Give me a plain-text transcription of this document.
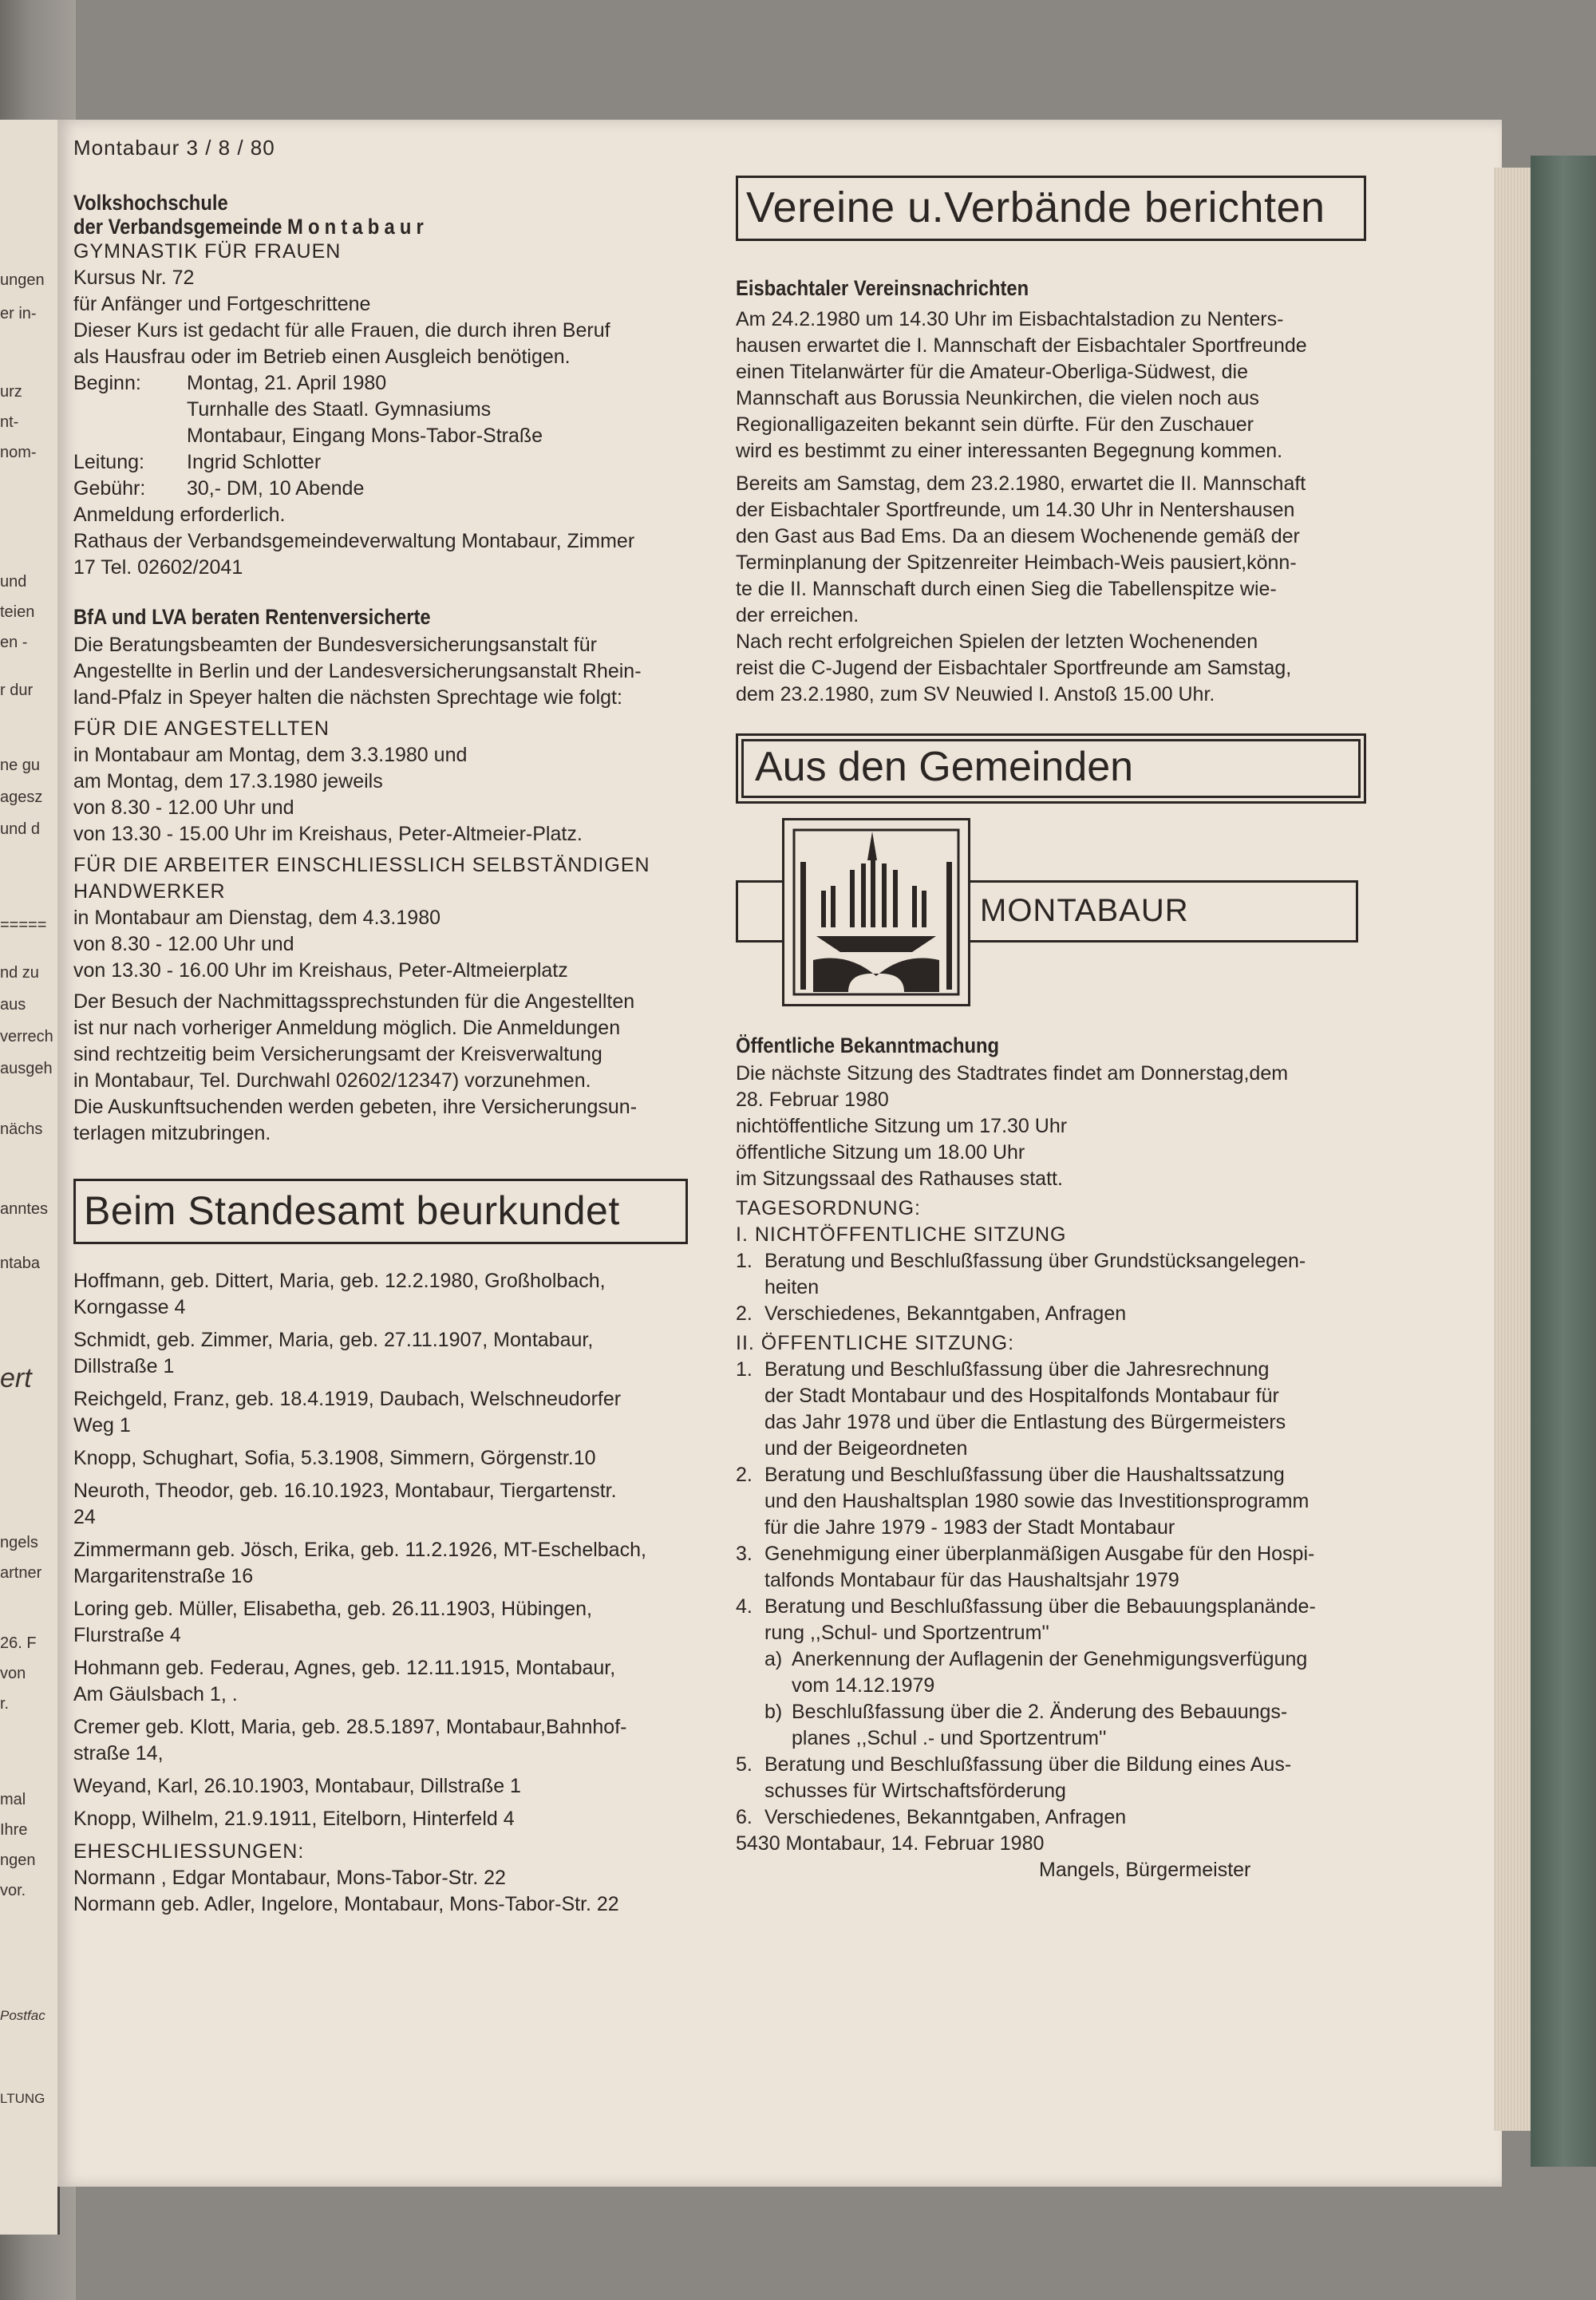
ungen
er in-
urz
nt-
nom-
und
teien
en -
r dur
ne gu
agesz
und d
=====
nd zu
aus
verrech
ausgeh
nächs
anntes
ntaba
ert
ngels
artner
26. F
von
r.
mal
Ihre
ngen
vor.
Postfac
LTUNG
Montabaur 3 / 8 / 80
Volkshochschule
der Verbandsgemeinde Montabaur

GYMNASTIK FÜR FRAUEN

Kursus Nr. 72

für Anfänger und Fortgeschrittene

Dieser Kurs ist gedacht für alle Frauen, die durch ihren Beruf

als Hausfrau oder im Betrieb einen Ausgleich benötigen.

Beginn:	Montag, 21. April 1980
Turnhalle des Staatl. Gymnasiums
Montabaur, Eingang Mons-Tabor-Straße
Leitung:	Ingrid Schlotter
Gebühr:	30,- DM, 10 Abende

Anmeldung erforderlich.

Rathaus der Verbandsgemeindeverwaltung Montabaur, Zimmer

17 Tel. 02602/2041

BfA und LVA beraten Rentenversicherte

Die Beratungsbeamten der Bundesversicherungsanstalt für

Angestellte in Berlin und der Landesversicherungsanstalt Rhein-

land-Pfalz in Speyer halten die nächsten Sprechtage wie folgt:

FÜR DIE ANGESTELLTEN

in Montabaur am Montag, dem 3.3.1980 und

am Montag, dem 17.3.1980 jeweils

von 8.30 - 12.00 Uhr und

von 13.30 - 15.00 Uhr im Kreishaus, Peter-Altmeier-Platz.

FÜR DIE ARBEITER EINSCHLIESSLICH SELBSTÄNDIGEN

HANDWERKER

in Montabaur am Dienstag, dem 4.3.1980

von 8.30 - 12.00 Uhr und

von 13.30 - 16.00 Uhr im Kreishaus, Peter-Altmeierplatz

Der Besuch der Nachmittagssprechstunden für die Angestellten

ist nur nach vorheriger Anmeldung möglich. Die Anmeldungen

sind rechtzeitig beim Versicherungsamt der Kreisverwaltung

in Montabaur, Tel. Durchwahl 02602/12347) vorzunehmen.

Die Auskunftsuchenden werden gebeten, ihre Versicherungsun-

terlagen mitzubringen.

Beim Standesamt beurkundet
Hoffmann, geb. Dittert, Maria, geb. 12.2.1980, Großholbach,
Korngasse 4
Schmidt, geb. Zimmer, Maria, geb. 27.11.1907, Montabaur,
Dillstraße 1
Reichgeld, Franz, geb. 18.4.1919, Daubach, Welschneudorfer
Weg 1
Knopp, Schughart, Sofia, 5.3.1908, Simmern, Görgenstr.10
Neuroth, Theodor, geb. 16.10.1923, Montabaur, Tiergartenstr.
24
Zimmermann geb. Jösch, Erika, geb. 11.2.1926, MT-Eschelbach,
Margaritenstraße 16
Loring geb. Müller, Elisabetha, geb. 26.11.1903, Hübingen,
Flurstraße 4
Hohmann geb. Federau, Agnes, geb. 12.11.1915, Montabaur,
Am Gäulsbach 1, .
Cremer geb. Klott, Maria, geb. 28.5.1897, Montabaur,Bahnhof-
straße 14,
Weyand, Karl, 26.10.1903, Montabaur, Dillstraße 1
Knopp, Wilhelm, 21.9.1911, Eitelborn, Hinterfeld 4

EHESCHLIESSUNGEN:

Normann , Edgar Montabaur, Mons-Tabor-Str. 22

Normann geb. Adler, Ingelore, Montabaur, Mons-Tabor-Str. 22

Vereine u.Verbände berichten
Eisbachtaler Vereinsnachrichten

Am 24.2.1980 um 14.30 Uhr im Eisbachtalstadion zu Nenters-

hausen erwartet die I. Mannschaft der Eisbachtaler Sportfreunde

einen Titelanwärter für die Amateur-Oberliga-Südwest, die

Mannschaft aus Borussia Neunkirchen, die vielen noch aus

Regionalligazeiten bekannt sein dürfte. Für den Zuschauer

wird es bestimmt zu einer interessanten Begegnung kommen.

Bereits am Samstag, dem 23.2.1980, erwartet die II. Mannschaft

der Eisbachtaler Sportfreunde, um 14.30 Uhr in Nentershausen

den Gast aus Bad Ems. Da an diesem Wochenende gemäß der

Terminplanung der Spitzenreiter Heimbach-Weis pausiert,könn-

te die II. Mannschaft durch einen Sieg die Tabellenspitze wie-

der erreichen.

Nach recht erfolgreichen Spielen der letzten Wochenenden

reist die C-Jugend der Eisbachtaler Sportfreunde am Samstag,

dem 23.2.1980, zum SV Neuwied I. Anstoß 15.00 Uhr.

Aus den Gemeinden
MONTABAUR
Öffentliche Bekanntmachung

Die nächste Sitzung des Stadtrates findet am Donnerstag,dem

28. Februar 1980

nichtöffentliche Sitzung um 17.30 Uhr

öffentliche Sitzung um 18.00 Uhr

im Sitzungssaal des Rathauses statt.

TAGESORDNUNG:

I. NICHTÖFFENTLICHE SITZUNG

1. Beratung und Beschlußfassung über Grundstücksangelegen-
heiten
2. Verschiedenes, Bekanntgaben, Anfragen

II. ÖFFENTLICHE SITZUNG:

1. Beratung und Beschlußfassung über die Jahresrechnung
der Stadt Montabaur und des Hospitalfonds Montabaur für
das Jahr 1978 und über die Entlastung des Bürgermeisters
und der Beigeordneten
2. Beratung und Beschlußfassung über die Haushaltssatzung
und den Haushaltsplan 1980 sowie das Investitionsprogramm
für die Jahre 1979 - 1983 der Stadt Montabaur
3. Genehmigung einer überplanmäßigen Ausgabe für den Hospi-
talfonds Montabaur für das Haushaltsjahr 1979
4. Beratung und Beschlußfassung über die Bebauungsplanände-
rung ,,Schul- und Sportzentrum''
a) Anerkennung der Auflagenin der Genehmigungsverfügung
vom 14.12.1979
b) Beschlußfassung über die 2. Änderung des Bebauungs-
planes ,,Schul .- und Sportzentrum''
5. Beratung und Beschlußfassung über die Bildung eines Aus-
schusses für Wirtschaftsförderung
6. Verschiedenes, Bekanntgaben, Anfragen

5430 Montabaur, 14. Februar 1980

Mangels, Bürgermeister
